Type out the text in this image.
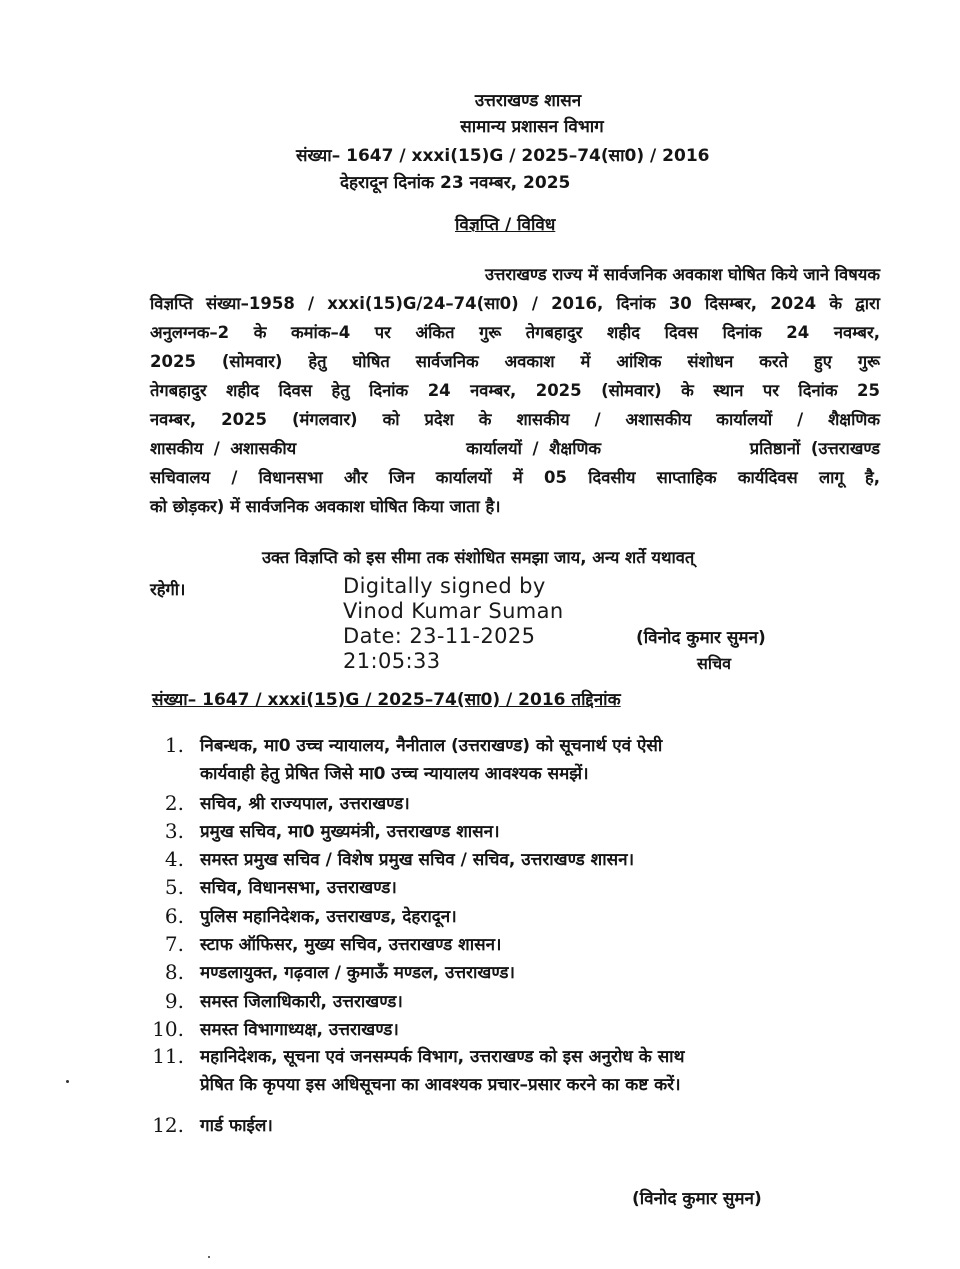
उत्तराखण्ड शासन
सामान्य प्रशासन विभाग
संख्या– 1647 / xxxi(15)G / 2025–74(सा0) / 2016
देहरादून दिनांक 23 नवम्बर, 2025
विज्ञप्ति / विविध
उत्तराखण्ड राज्य में सार्वजनिक अवकाश घोषित किये जाने विषयक
विज्ञप्ति संख्या–1958 / xxxi(15)G/24–74(सा0) / 2016, दिनांक 30 दिसम्बर, 2024 के द्वारा
अनुलग्नक–2 के कमांक–4 पर अंकित गुरू तेगबहादुर शहीद दिवस दिनांक 24 नवम्बर,
2025 (सोमवार) हेतु घोषित सार्वजनिक अवकाश में आंशिक संशोधन करते हुए गुरू
तेगबहादुर शहीद दिवस हेतु दिनांक 24 नवम्बर, 2025 (सोमवार) के स्थान पर दिनांक 25
नवम्बर, 2025 (मंगलवार) को प्रदेश के शासकीय / अशासकीय कार्यालयों / शैक्षणिक
शासकीय / अशासकीय                कार्यालयों / शैक्षणिक              प्रतिष्ठानों (उत्तराखण्ड
सचिवालय / विधानसभा और जिन कार्यालयों में 05 दिवसीय साप्ताहिक कार्यदिवस लागू है,
को छोड़कर) में सार्वजनिक अवकाश घोषित किया जाता है।
उक्त विज्ञप्ति को इस सीमा तक संशोधित समझा जाय, अन्य शर्ते यथावत्
रहेगी।	Digitally signed by
Vinod Kumar Suman
Date: 23-11-2025
21:05:33
(विनोद कुमार सुमन)
सचिव
संख्या– 1647 / xxxi(15)G / 2025–74(सा0) / 2016 तद्दिनांक
1. निबन्धक, मा0 उच्च न्यायालय, नैनीताल (उत्तराखण्ड) को सूचनार्थ एवं ऐसी
कार्यवाही हेतु प्रेषित जिसे मा0 उच्च न्यायालय आवश्यक समझें।
2. सचिव, श्री राज्यपाल, उत्तराखण्ड।
3. प्रमुख सचिव, मा0 मुख्यमंत्री, उत्तराखण्ड शासन।
4. समस्त प्रमुख सचिव / विशेष प्रमुख सचिव / सचिव, उत्तराखण्ड शासन।
5. सचिव, विधानसभा, उत्तराखण्ड।
6. पुलिस महानिदेशक, उत्तराखण्ड, देहरादून।
7. स्टाफ ऑफिसर, मुख्य सचिव, उत्तराखण्ड शासन।
8. मण्डलायुक्त, गढ़वाल / कुमाऊँ मण्डल, उत्तराखण्ड।
9. समस्त जिलाधिकारी, उत्तराखण्ड।
10. समस्त विभागाध्यक्ष, उत्तराखण्ड।
11. महानिदेशक, सूचना एवं जनसम्पर्क विभाग, उत्तराखण्ड को इस अनुरोध के साथ
प्रेषित कि कृपया इस अधिसूचना का आवश्यक प्रचार–प्रसार करने का कष्ट करें।
12. गार्ड फाईल।
(विनोद कुमार सुमन)
